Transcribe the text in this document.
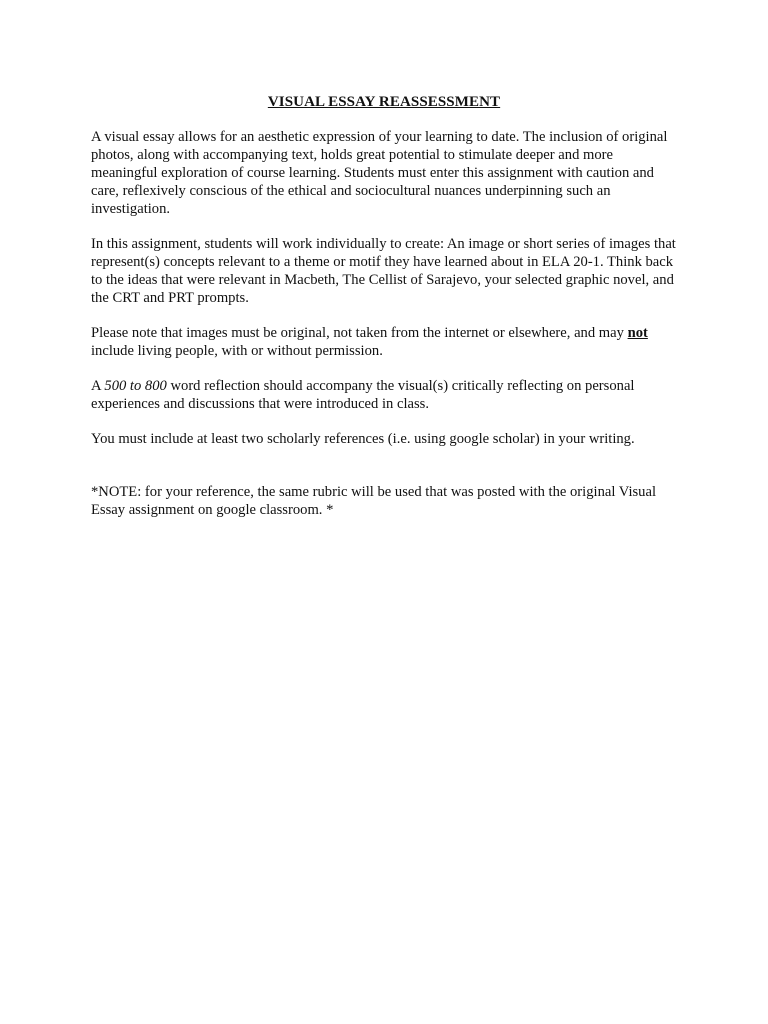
VISUAL ESSAY REASSESSMENT

A visual essay allows for an aesthetic expression of your learning to date. The inclusion of original photos, along with accompanying text, holds great potential to stimulate deeper and more meaningful exploration of course learning. Students must enter this assignment with caution and care, reflexively conscious of the ethical and sociocultural nuances underpinning such an investigation.

In this assignment, students will work individually to create: An image or short series of images that represent(s) concepts relevant to a theme or motif they have learned about in ELA 20-1. Think back to the ideas that were relevant in Macbeth, The Cellist of Sarajevo, your selected graphic novel, and the CRT and PRT prompts.

Please note that images must be original, not taken from the internet or elsewhere, and may not include living people, with or without permission.

A 500 to 800 word reflection should accompany the visual(s) critically reflecting on personal experiences and discussions that were introduced in class.

You must include at least two scholarly references (i.e. using google scholar) in your writing.

*NOTE: for your reference, the same rubric will be used that was posted with the original Visual Essay assignment on google classroom. *
